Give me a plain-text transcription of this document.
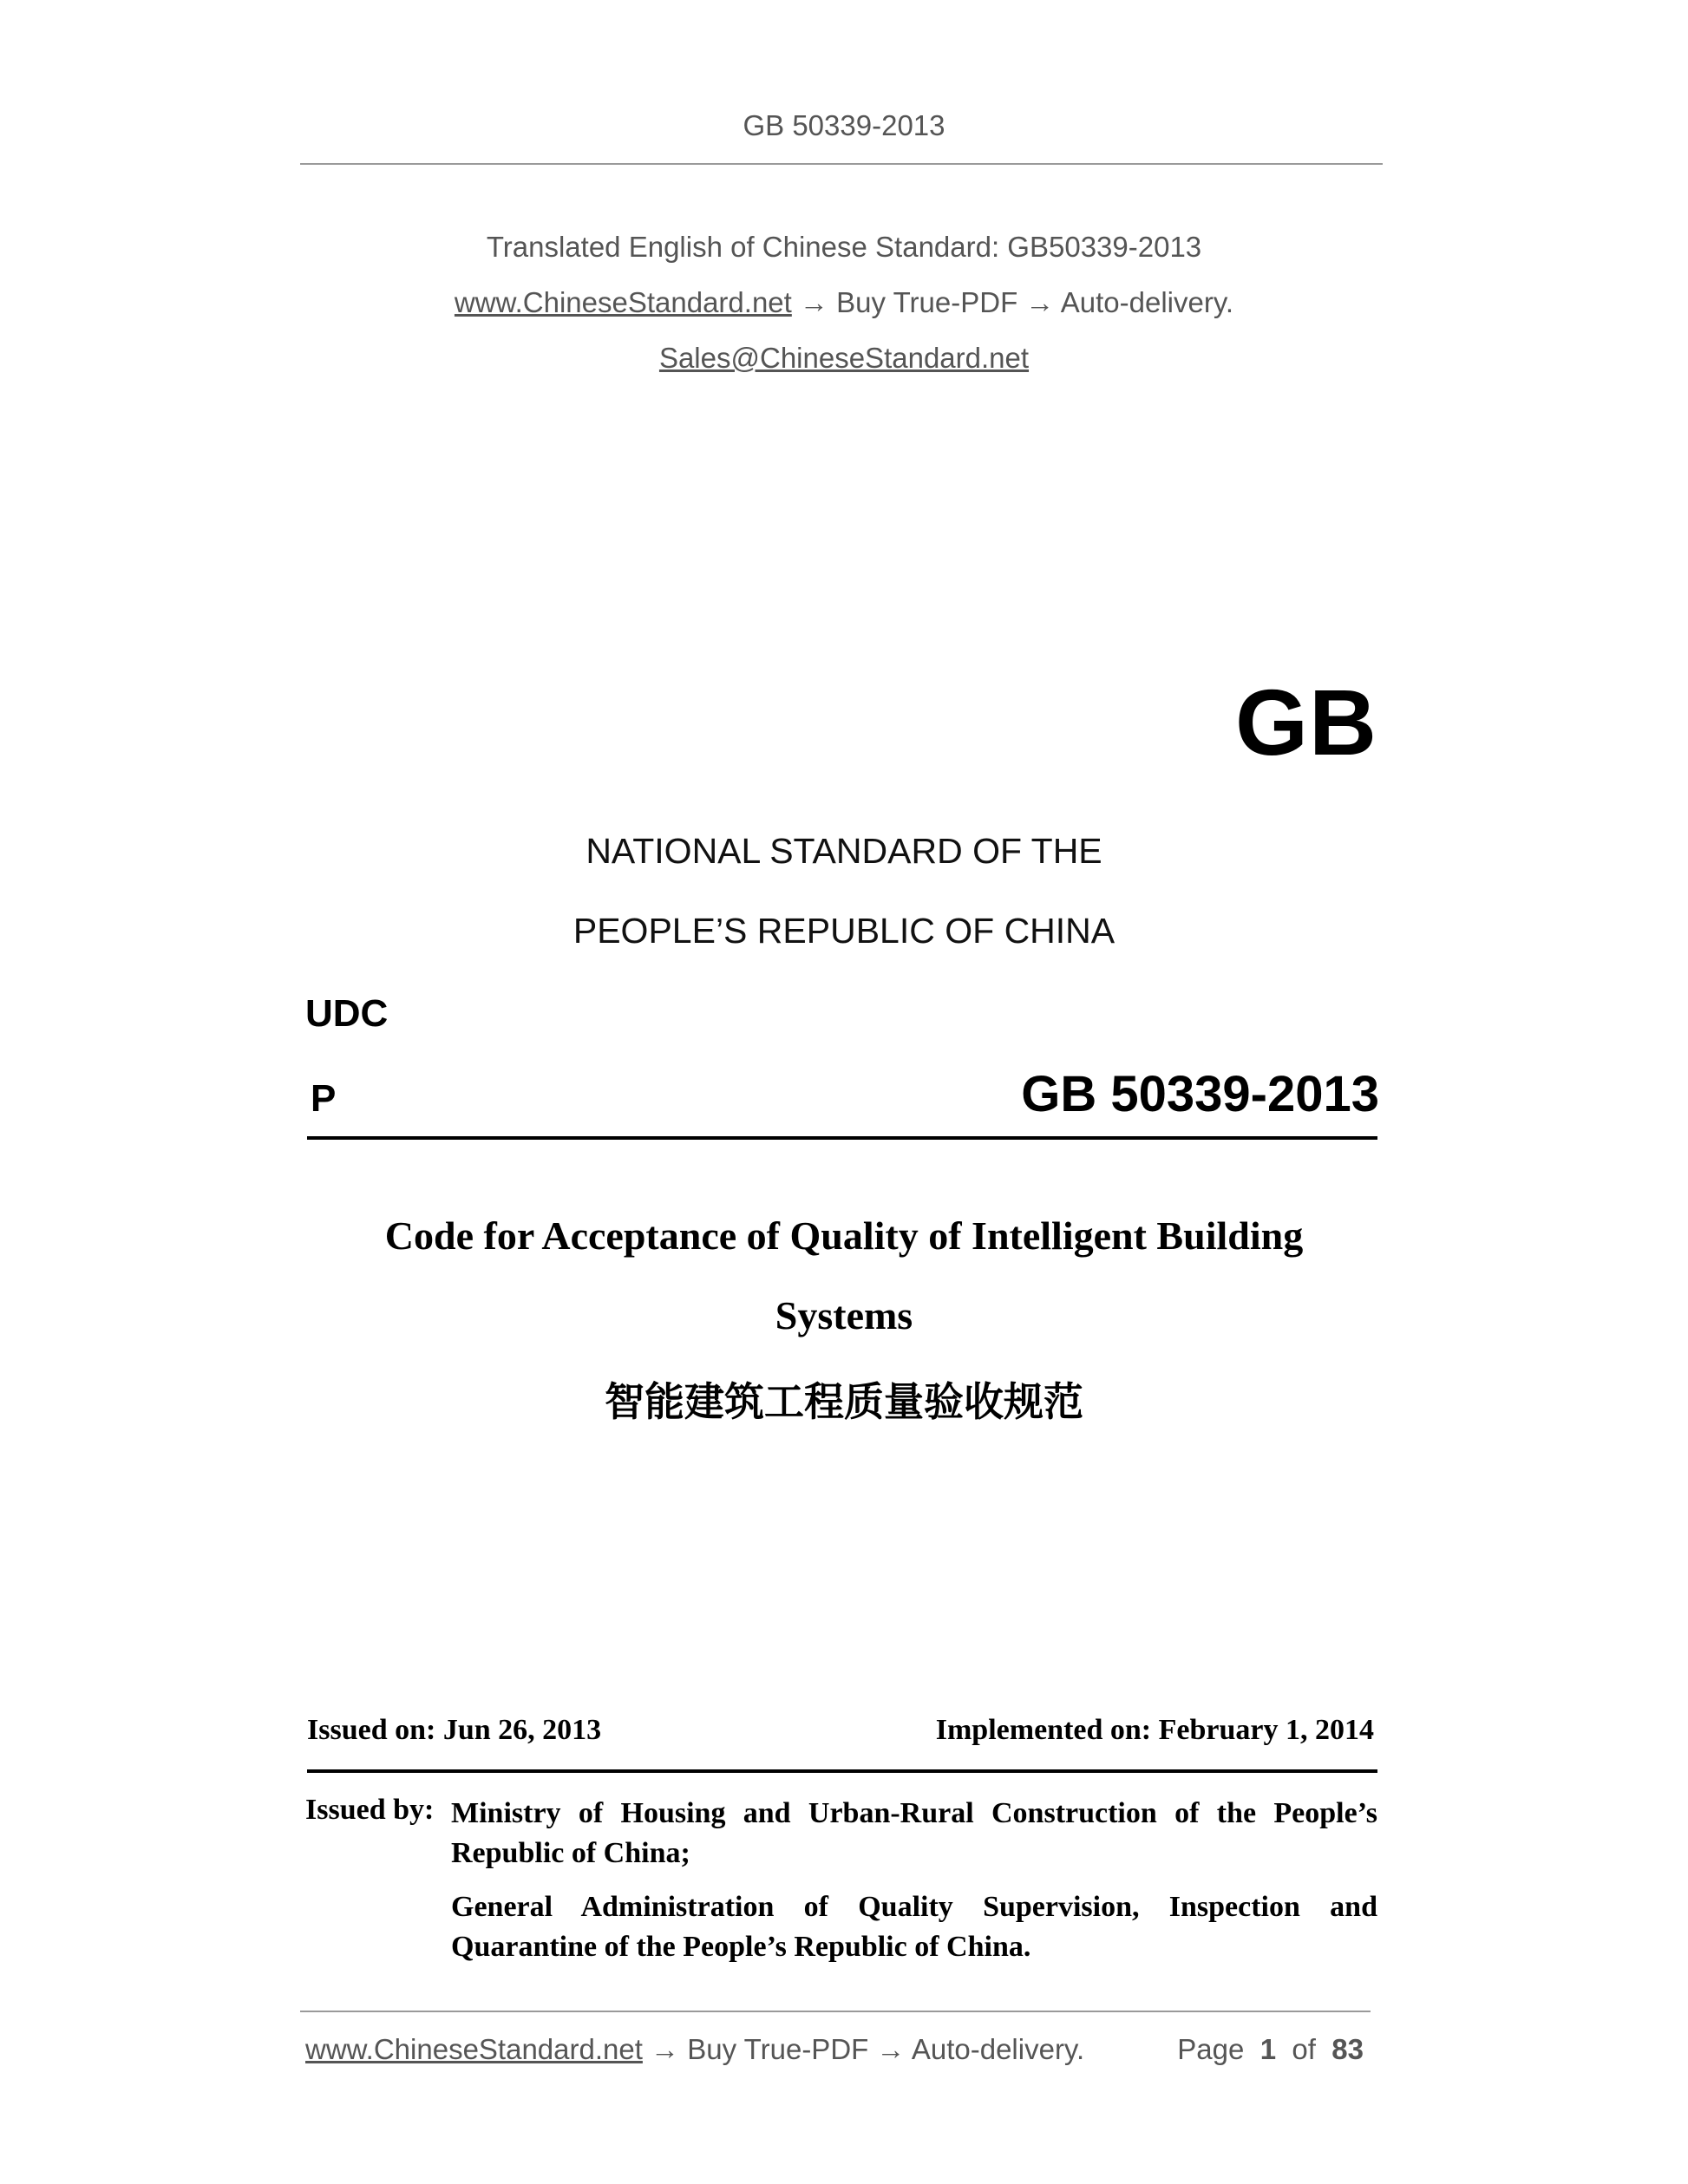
GB 50339-2013
Translated English of Chinese Standard: GB50339-2013
www.ChineseStandard.net → Buy True-PDF → Auto-delivery.
Sales@ChineseStandard.net
GB
NATIONAL STANDARD OF THE
PEOPLE’S REPUBLIC OF CHINA
UDC
P	GB 50339-2013
Code for Acceptance of Quality of Intelligent Building
Systems
智能建筑工程质量验收规范
Issued on: Jun 26, 2013	Implemented on: February 1, 2014
Issued by: Ministry of Housing and Urban-Rural Construction of the People’s Republic of China;
General Administration of Quality Supervision, Inspection and Quarantine of the People’s Republic of China.
www.ChineseStandard.net → Buy True-PDF → Auto-delivery.	Page 1 of 83
